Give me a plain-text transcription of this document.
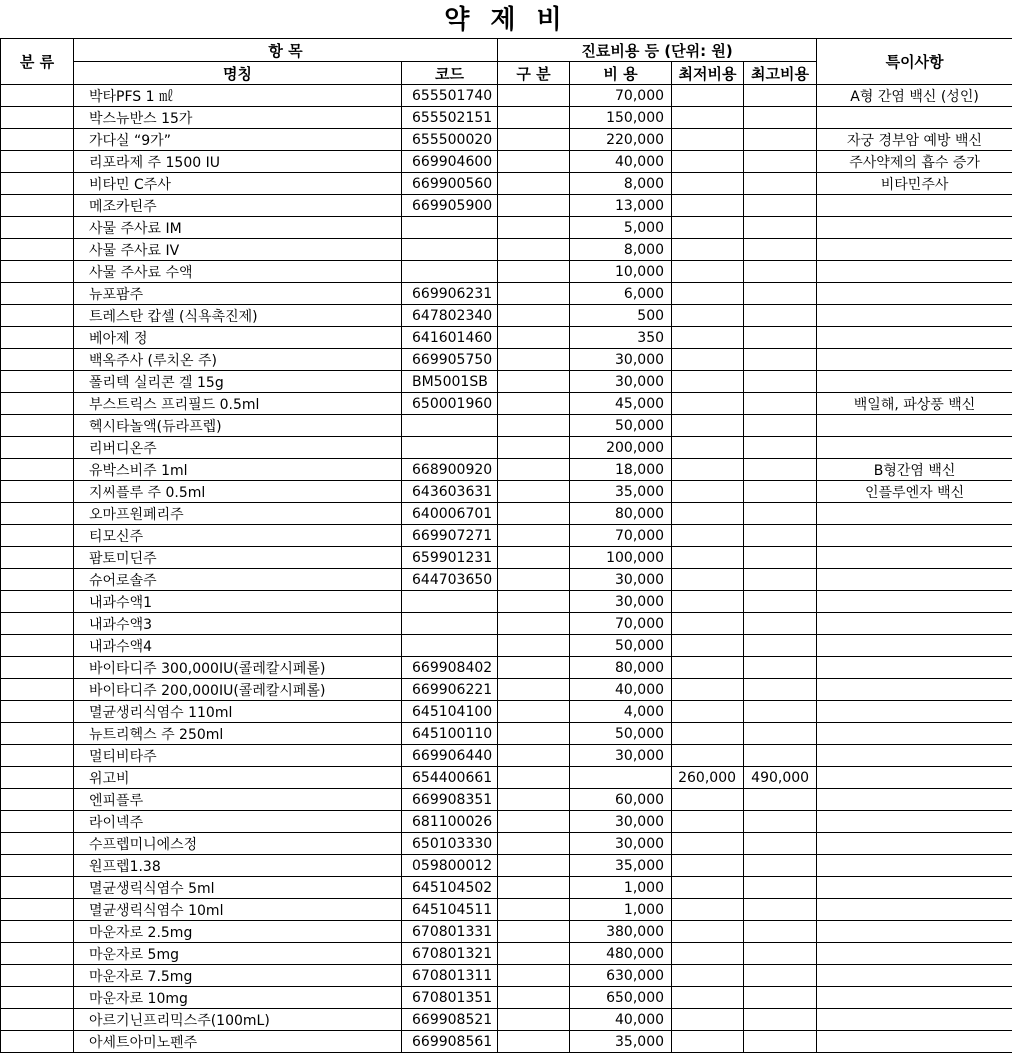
약 제 비
분 류	항 목		진료비용 등 (단위: 원)				특이사항
	명칭	코드	구 분	비 용	최저비용	최고비용	
	박타PFS 1 ㎖	655501740		70,000			A형 간염 백신 (성인)
	박스뉴반스 15가	655502151		150,000			
	가다실 “9가”	655500020		220,000			자궁 경부암 예방 백신
	리포라제 주 1500 IU	669904600		40,000			주사약제의 흡수 증가
	비타민 C주사	669900560		8,000			비타민주사
	메조카틴주	669905900		13,000			
	사물 주사료 IM			5,000			
	사물 주사료 IV			8,000			
	사물 주사료 수액			10,000			
	뉴포팜주	669906231		6,000			
	트레스탄 캅셀 (식욕촉진제)	647802340		500			
	베아제 정	641601460		350			
	백옥주사 (루치온 주)	669905750		30,000			
	폴리텍 실리콘 겔 15g	BM5001SB		30,000			
	부스트릭스 프리필드 0.5ml	650001960		45,000			백일해, 파상풍 백신
	헥시타놀액(듀라프렙)			50,000			
	리버디온주			200,000			
	유박스비주 1ml	668900920		18,000			B형간염 백신
	지씨플루 주 0.5ml	643603631		35,000			인플루엔자 백신
	오마프원페리주	640006701		80,000			
	티모신주	669907271		70,000			
	팜토미딘주	659901231		100,000			
	슈어로솔주	644703650		30,000			
	내과수액1			30,000			
	내과수액3			70,000			
	내과수액4			50,000			
	바이타디주 300,000IU(콜레칼시페롤)	669908402		80,000			
	바이타디주 200,000IU(콜레칼시페롤)	669906221		40,000			
	멸균생리식염수 110ml	645104100		4,000			
	뉴트리헥스 주 250ml	645100110		50,000			
	멀티비타주	669906440		30,000			
	위고비	654400661			260,000	490,000	
	엔피플루	669908351		60,000			
	라이넥주	681100026		30,000			
	수프렙미니에스정	650103330		30,000			
	원프렙1.38	059800012		35,000			
	멸균생릭식염수 5ml	645104502		1,000			
	멸균생릭식염수 10ml	645104511		1,000			
	마운자로 2.5mg	670801331		380,000			
	마운자로 5mg	670801321		480,000			
	마운자로 7.5mg	670801311		630,000			
	마운자로 10mg	670801351		650,000			
	아르기닌프리믹스주(100mL)	669908521		40,000			
	아세트아미노펜주	669908561		35,000			
